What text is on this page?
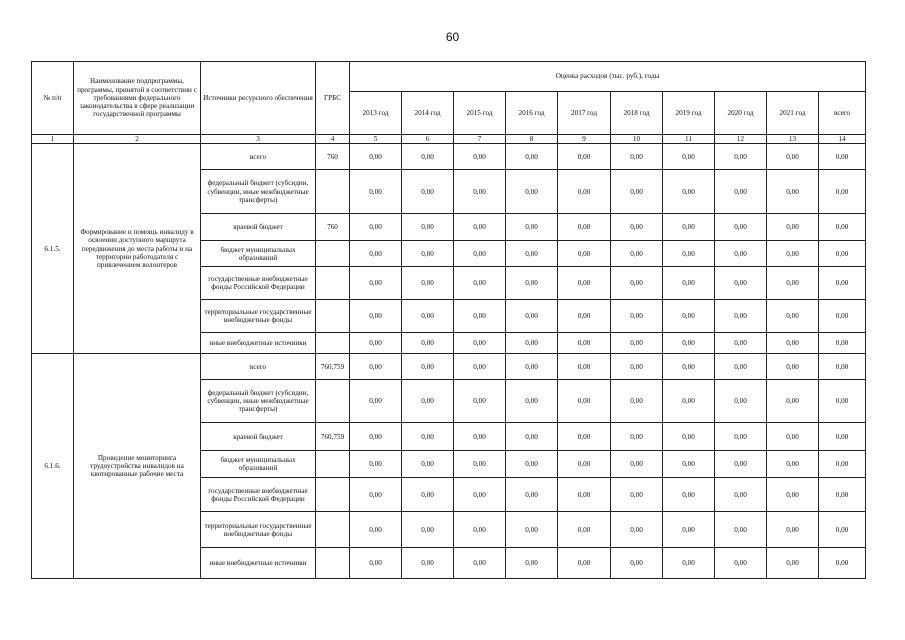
60
№ п/п	Наименование подпрограммы, программы, принятой в соответствии с требованиями федерального законодательства в сфере реализации государственной программы	Источники ресурсного обеспечения	ГРБС	Оценка расходов (тыс. руб.), годы									
				2013 год	2014 год	2015 год	2016 год	2017 год	2018 год	2019 год	2020 год	2021 год	всего
1	2	3	4	5	6	7	8	9	10	11	12	13	14
6.1.5.	Формирование и помощь инвалиду в освоении доступного маршрута передвижения до места работы и на территории работодателя с привлечением волонтеров	всего	760	0,00	0,00	0,00	0,00	0,00	0,00	0,00	0,00	0,00	0,00
		федеральный бюджет (субсидии, субвенции, иные межбюджетные трансферты)		0,00	0,00	0,00	0,00	0,00	0,00	0,00	0,00	0,00	0,00
		краевой бюджет	760	0,00	0,00	0,00	0,00	0,00	0,00	0,00	0,00	0,00	0,00
		бюджет муниципальных образований		0,00	0,00	0,00	0,00	0,00	0,00	0,00	0,00	0,00	0,00
		государственные внебюджетные фонды Российской Федерации		0,00	0,00	0,00	0,00	0,00	0,00	0,00	0,00	0,00	0,00
		территориальные государственные внебюджетные фонды		0,00	0,00	0,00	0,00	0,00	0,00	0,00	0,00	0,00	0,00
		иные внебюджетные источники		0,00	0,00	0,00	0,00	0,00	0,00	0,00	0,00	0,00	0,00
6.1.6.	Проведение мониторинга трудоустройства инвалидов на квотированные рабочие места	всего	760,759	0,00	0,00	0,00	0,00	0,00	0,00	0,00	0,00	0,00	0,00
		федеральный бюджет (субсидии, субвенции, иные межбюджетные трансферты)		0,00	0,00	0,00	0,00	0,00	0,00	0,00	0,00	0,00	0,00
		краевой бюджет	760,759	0,00	0,00	0,00	0,00	0,00	0,00	0,00	0,00	0,00	0,00
		бюджет муниципальных образований		0,00	0,00	0,00	0,00	0,00	0,00	0,00	0,00	0,00	0,00
		государственные внебюджетные фонды Российской Федерации		0,00	0,00	0,00	0,00	0,00	0,00	0,00	0,00	0,00	0,00
		территориальные государственные внебюджетные фонды		0,00	0,00	0,00	0,00	0,00	0,00	0,00	0,00	0,00	0,00
		иные внебюджетные источники		0,00	0,00	0,00	0,00	0,00	0,00	0,00	0,00	0,00	0,00
